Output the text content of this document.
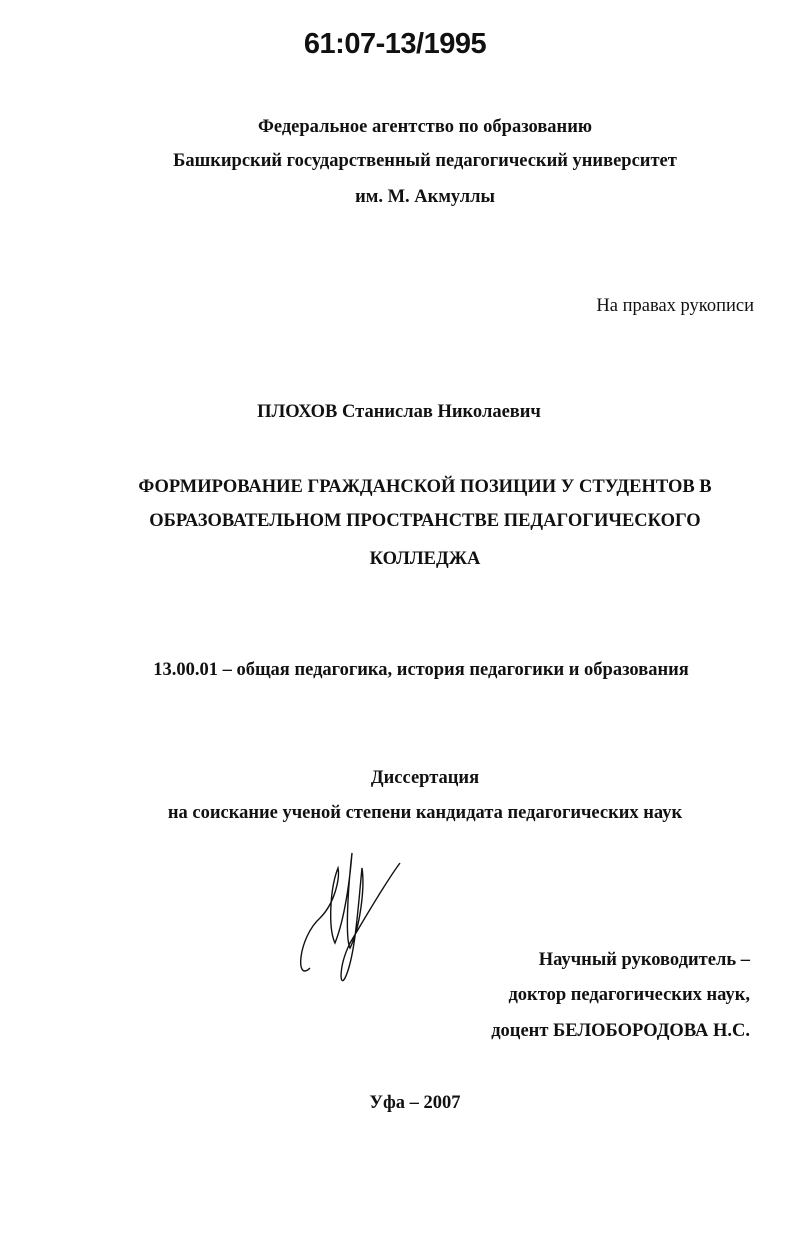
61:07-13/1995
Федеральное агентство по образованию
Башкирский государственный педагогический университет
им. М. Акмуллы
На правах рукописи
ПЛОХОВ Станислав Николаевич
ФОРМИРОВАНИЕ ГРАЖДАНСКОЙ ПОЗИЦИИ У СТУДЕНТОВ В
ОБРАЗОВАТЕЛЬНОМ ПРОСТРАНСТВЕ ПЕДАГОГИЧЕСКОГО
КОЛЛЕДЖА
13.00.01 – общая педагогика, история педагогики и образования
Диссертация
на соискание ученой степени кандидата педагогических наук
Научный руководитель –
доктор педагогических наук,
доцент БЕЛОБОРОДОВА Н.С.
Уфа – 2007
